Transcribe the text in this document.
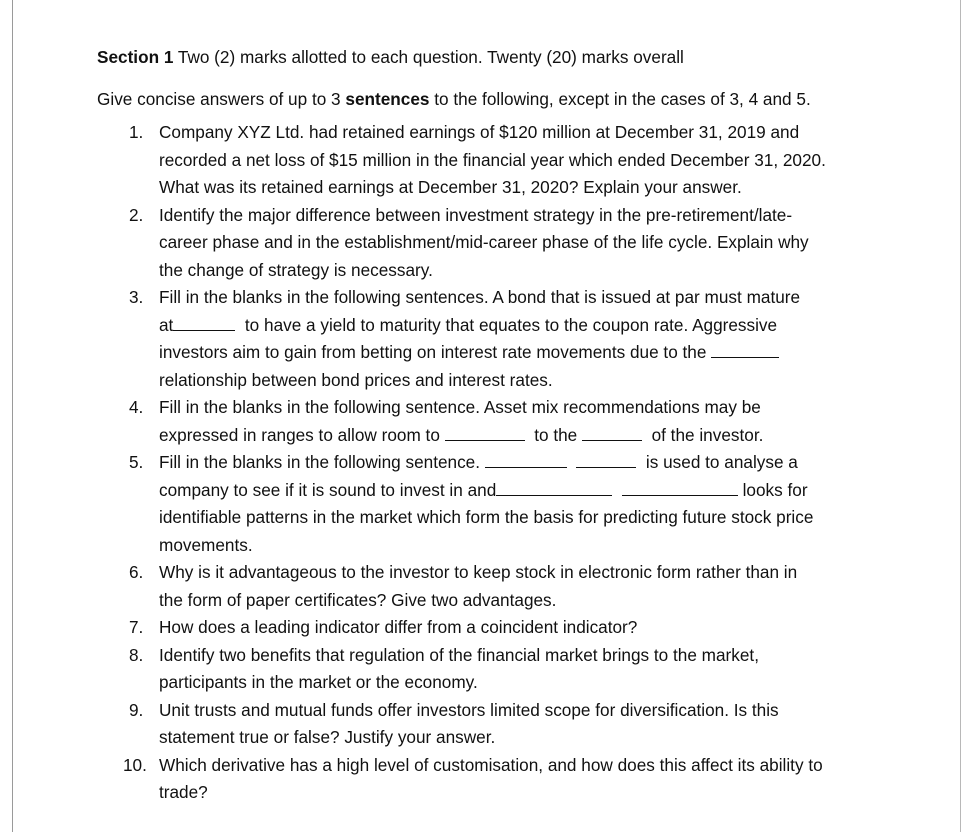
Section 1 Two (2) marks allotted to each question. Twenty (20) marks overall

Give concise answers of up to 3 sentences to the following, except in the cases of 3, 4 and 5.

1. Company XYZ Ltd. had retained earnings of $120 million at December 31, 2019 and
recorded a net loss of $15 million in the financial year which ended December 31, 2020.
What was its retained earnings at December 31, 2020? Explain your answer.
2. Identify the major difference between investment strategy in the pre-retirement/late-
career phase and in the establishment/mid-career phase of the life cycle. Explain why
the change of strategy is necessary.
3. Fill in the blanks in the following sentences. A bond that is issued at par must mature
at	to have a yield to maturity that equates to the coupon rate. Aggressive
investors aim to gain from betting on interest rate movements due to the
relationship between bond prices and interest rates.
4. Fill in the blanks in the following sentence. Asset mix recommendations may be
expressed in ranges to allow room to	to the	of the investor.
5. Fill in the blanks in the following sentence.	is used to analyse a
company to see if it is sound to invest in and	looks for
identifiable patterns in the market which form the basis for predicting future stock price
movements.
6. Why is it advantageous to the investor to keep stock in electronic form rather than in
the form of paper certificates? Give two advantages.
7. How does a leading indicator differ from a coincident indicator?
8. Identify two benefits that regulation of the financial market brings to the market,
participants in the market or the economy.
9. Unit trusts and mutual funds offer investors limited scope for diversification. Is this
statement true or false? Justify your answer.
10. Which derivative has a high level of customisation, and how does this affect its ability to
trade?
